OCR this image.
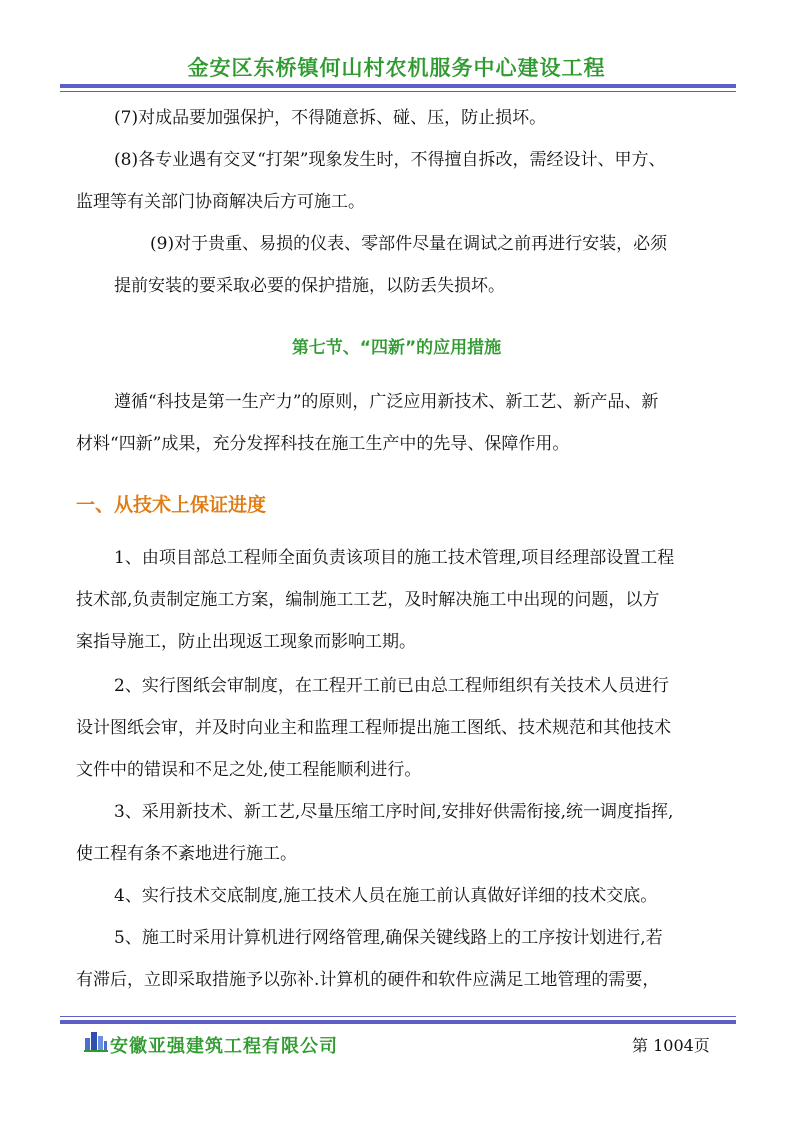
金安区东桥镇何山村农机服务中心建设工程
(7)对成品要加强保护，不得随意拆、碰、压，防止损坏。
(8)各专业遇有交叉“打架”现象发生时，不得擅自拆改，需经设计、甲方、
监理等有关部门协商解决后方可施工。
(9)对于贵重、易损的仪表、零部件尽量在调试之前再进行安装，必须
提前安装的要采取必要的保护措施，以防丢失损坏。
第七节、“四新”的应用措施
遵循“科技是第一生产力”的原则，广泛应用新技术、新工艺、新产品、新
材料“四新”成果，充分发挥科技在施工生产中的先导、保障作用。
一、从技术上保证进度
1、由项目部总工程师全面负责该项目的施工技术管理,项目经理部设置工程
技术部,负责制定施工方案，编制施工工艺，及时解决施工中出现的问题，以方
案指导施工，防止出现返工现象而影响工期。
2、实行图纸会审制度，在工程开工前已由总工程师组织有关技术人员进行
设计图纸会审，并及时向业主和监理工程师提出施工图纸、技术规范和其他技术
文件中的错误和不足之处,使工程能顺利进行。
3、采用新技术、新工艺,尽量压缩工序时间,安排好供需衔接,统一调度指挥,
使工程有条不紊地进行施工。
4、实行技术交底制度,施工技术人员在施工前认真做好详细的技术交底。
5、施工时采用计算机进行网络管理,确保关键线路上的工序按计划进行,若
有滞后，立即采取措施予以弥补.计算机的硬件和软件应满足工地管理的需要，
安徽亚强建筑工程有限公司	第 1004页
